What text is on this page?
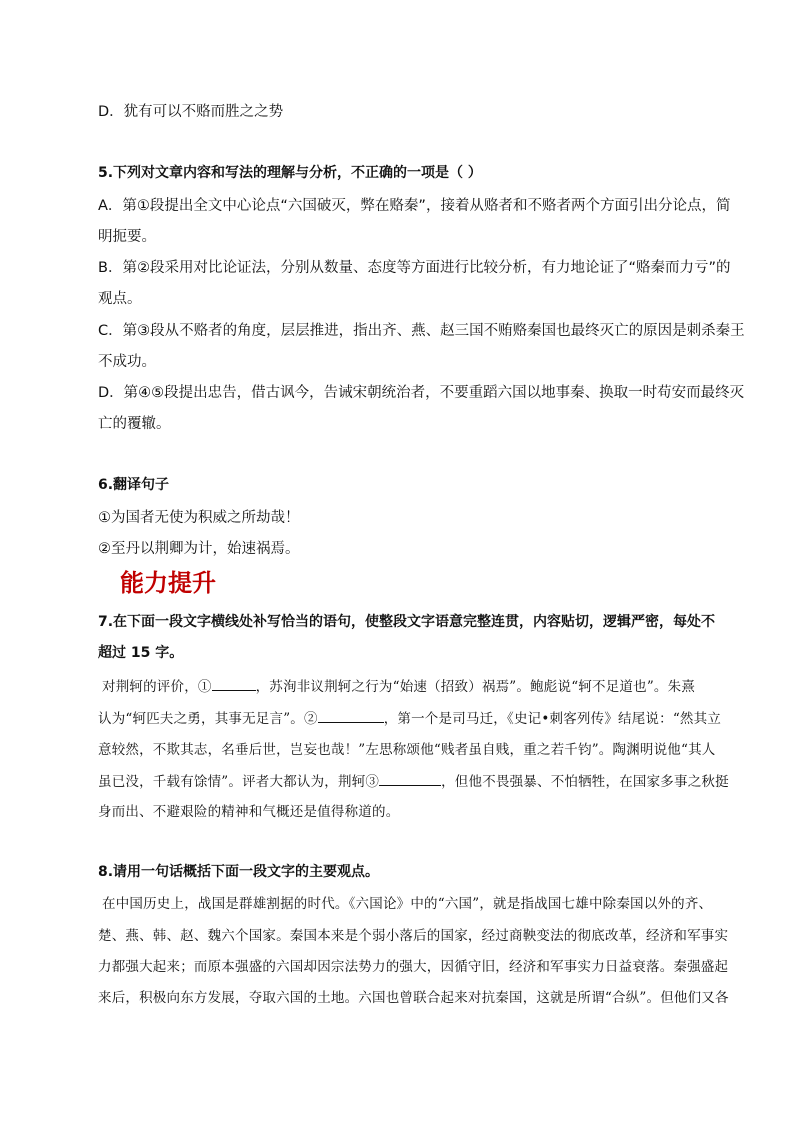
D．犹有可以不赂而胜之之势
5.下列对文章内容和写法的理解与分析，不正确的一项是（ ）
A．第①段提出全文中心论点“六国破灭，弊在赂秦”，接着从赂者和不赂者两个方面引出分论点，简
明扼要。
B．第②段采用对比论证法，分别从数量、态度等方面进行比较分析，有力地论证了“赂秦而力亏”的
观点。
C．第③段从不赂者的角度，层层推进，指出齐、燕、赵三国不贿赂秦国也最终灭亡的原因是刺杀秦王
不成功。
D．第④⑤段提出忠告，借古讽今，告诫宋朝统治者，不要重蹈六国以地事秦、换取一时苟安而最终灭
亡的覆辙。
6.翻译句子
①为国者无使为积威之所劫哉！
②至丹以荆卿为计，始速祸焉。
能力提升
7.在下面一段文字横线处补写恰当的语句，使整段文字语意完整连贯，内容贴切，逻辑严密，每处不
超过 15 字。
对荆轲的评价，①	，苏洵非议荆轲之行为“始速（招致）祸焉”。鲍彪说“轲不足道也”。朱熹
认为“轲匹夫之勇，其事无足言”。②	，第一个是司马迁，《史记•刺客列传》结尾说：“然其立
意较然，不欺其志，名垂后世，岂妄也哉！”左思称颂他“贱者虽自贱，重之若千钧”。陶渊明说他“其人
虽已没，千载有馀情”。评者大都认为，荆轲③	，但他不畏强暴、不怕牺牲，在国家多事之秋挺
身而出、不避艰险的精神和气概还是值得称道的。
8.请用一句话概括下面一段文字的主要观点。
在中国历史上，战国是群雄割据的时代。《六国论》中的“六国”，就是指战国七雄中除秦国以外的齐、
楚、燕、韩、赵、魏六个国家。秦国本来是个弱小落后的国家，经过商鞅变法的彻底改革，经济和军事实
力都强大起来；而原本强盛的六国却因宗法势力的强大，因循守旧，经济和军事实力日益衰落。秦强盛起
来后，积极向东方发展，夺取六国的土地。六国也曾联合起来对抗秦国，这就是所谓“合纵”。但他们又各
